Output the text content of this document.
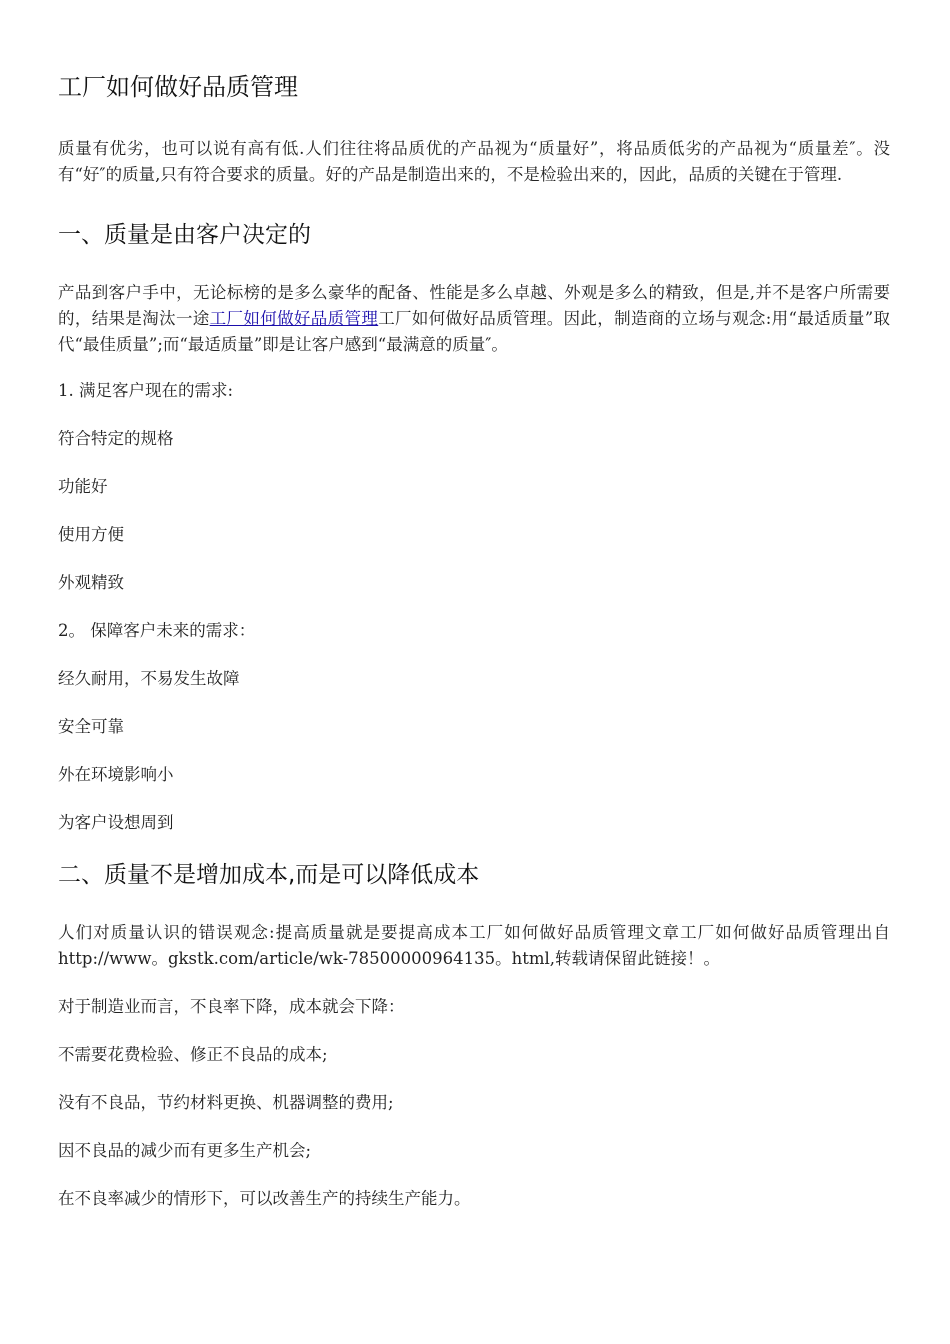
工厂如何做好品质管理

质量有优劣，也可以说有高有低.人们往往将品质优的产品视为“质量好”，将品质低劣的产品视为“质量差″。没有“好″的质量,只有符合要求的质量。好的产品是制造出来的，不是检验出来的，因此，品质的关键在于管理.

一、质量是由客户决定的

产品到客户手中，无论标榜的是多么豪华的配备、性能是多么卓越、外观是多么的精致，但是,并不是客户所需要的，结果是淘汰一途工厂如何做好品质管理工厂如何做好品质管理。因此，制造商的立场与观念:用“最适质量”取代“最佳质量”;而“最适质量”即是让客户感到“最满意的质量″。

1. 满足客户现在的需求:

符合特定的规格

功能好

使用方便

外观精致

2。 保障客户未来的需求：

经久耐用，不易发生故障

安全可靠

外在环境影响小

为客户设想周到

二、质量不是增加成本,而是可以降低成本

人们对质量认识的错误观念:提高质量就是要提高成本工厂如何做好品质管理文章工厂如何做好品质管理出自http://www。gkstk.com/article/wk-78500000964135。html,转载请保留此链接！。

对于制造业而言，不良率下降，成本就会下降：

不需要花费检验、修正不良品的成本;

没有不良品，节约材料更换、机器调整的费用;

因不良品的减少而有更多生产机会;

在不良率减少的情形下，可以改善生产的持续生产能力。
